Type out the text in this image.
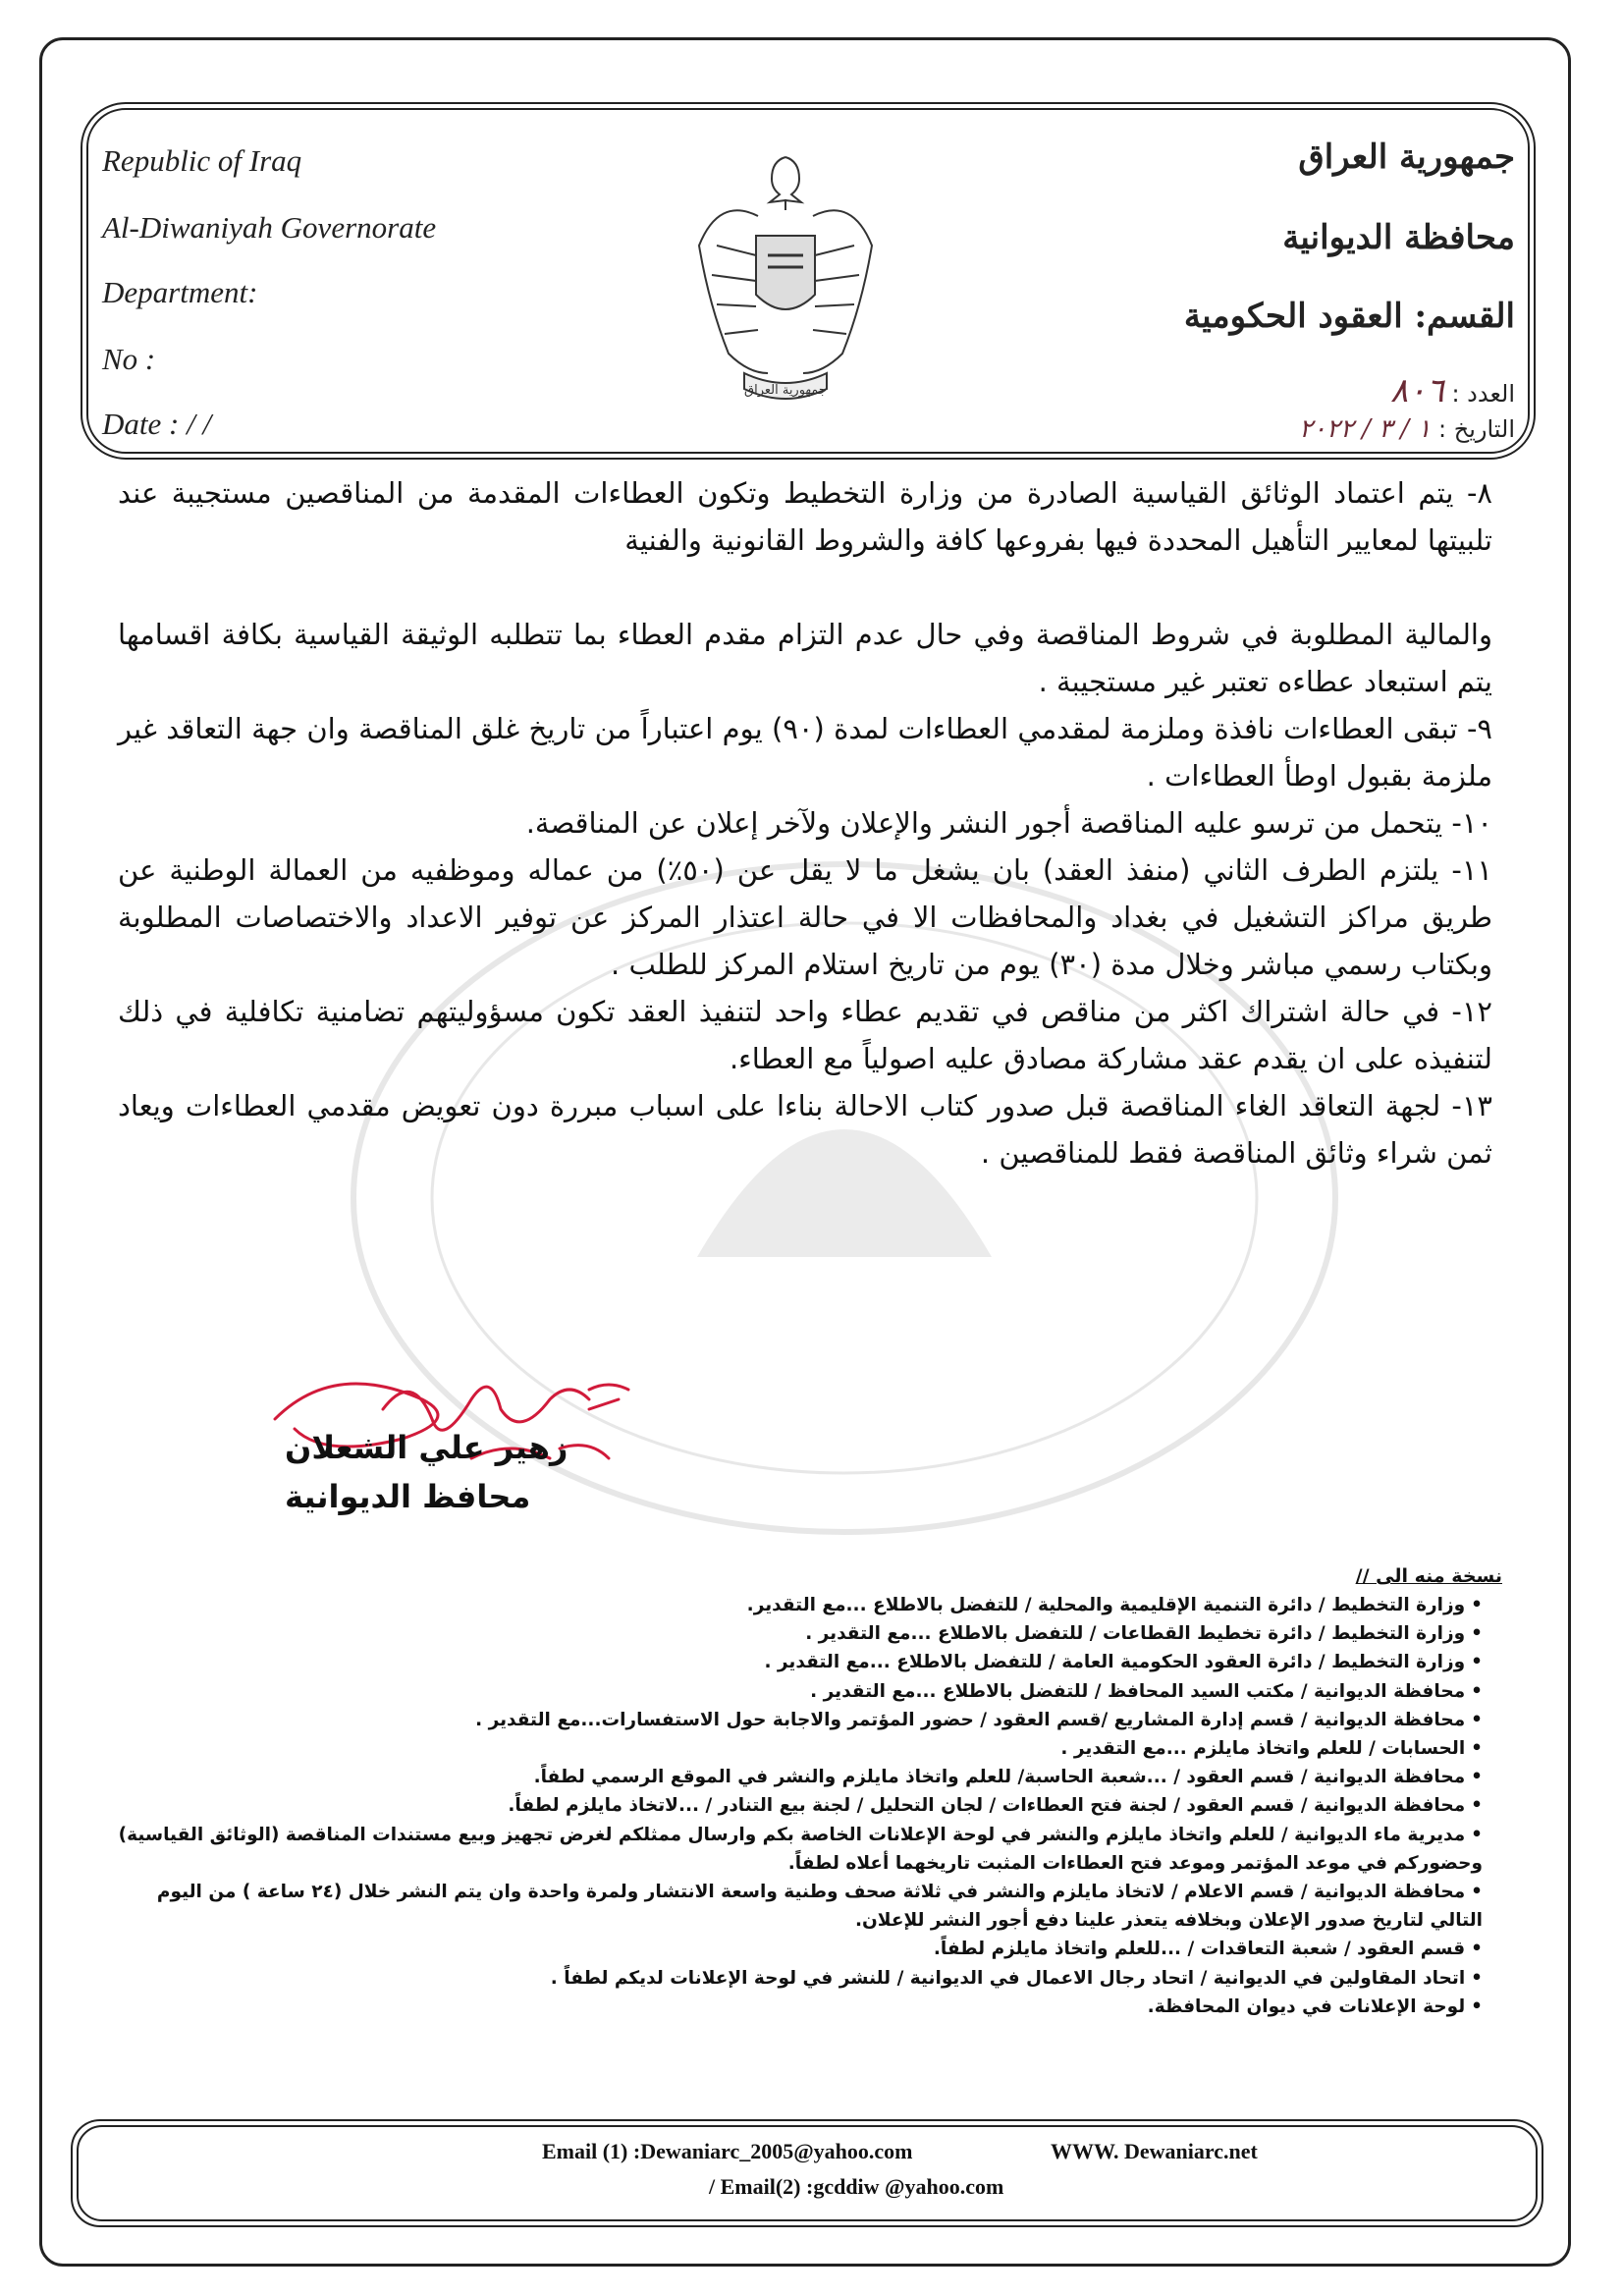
Republic of Iraq
Al-Diwaniyah Governorate
Department:
No :
Date : / /
جمهورية العراق
جمهورية العراق
محافظة الديوانية
القسم: العقود الحكومية
العدد : ٨٠٦
التاريخ : ١ / ٣ / ٢٠٢٢

٨- يتم اعتماد الوثائق القياسية الصادرة من وزارة التخطيط وتكون العطاءات المقدمة من المناقصين مستجيبة عند تلبيتها لمعايير التأهيل المحددة فيها بفروعها كافة والشروط القانونية والفنية

والمالية المطلوبة في شروط المناقصة وفي حال عدم التزام مقدم العطاء بما تتطلبه الوثيقة القياسية بكافة اقسامها يتم استبعاد عطاءه تعتبر غير مستجيبة .

٩- تبقى العطاءات نافذة وملزمة لمقدمي العطاءات لمدة (٩٠) يوم اعتباراً من تاريخ غلق المناقصة وان جهة التعاقد غير ملزمة بقبول اوطأ العطاءات .

١٠- يتحمل من ترسو عليه المناقصة أجور النشر والإعلان ولآخر إعلان عن المناقصة.

١١- يلتزم الطرف الثاني (منفذ العقد) بان يشغل ما لا يقل عن (٥٠٪) من عماله وموظفيه من العمالة الوطنية عن طريق مراكز التشغيل في بغداد والمحافظات الا في حالة اعتذار المركز عن توفير الاعداد والاختصاصات المطلوبة وبكتاب رسمي مباشر وخلال مدة (٣٠) يوم من تاريخ استلام المركز للطلب .

١٢- في حالة اشتراك اكثر من مناقص في تقديم عطاء واحد لتنفيذ العقد تكون مسؤوليتهم تضامنية تكافلية في ذلك لتنفيذه على ان يقدم عقد مشاركة مصادق عليه اصولياً مع العطاء.

١٣- لجهة التعاقد الغاء المناقصة قبل صدور كتاب الاحالة بناءا على اسباب مبررة دون تعويض مقدمي العطاءات ويعاد ثمن شراء وثائق المناقصة فقط للمناقصين .

زهير علي الشعلان
محافظ الديوانية
نسخة منه الى //
•وزارة التخطيط / دائرة التنمية الإقليمية والمحلية / للتفضل بالاطلاع ...مع التقدير.
•وزارة التخطيط / دائرة تخطيط القطاعات / للتفضل بالاطلاع ...مع التقدير .
•وزارة التخطيط / دائرة العقود الحكومية العامة / للتفضل بالاطلاع ...مع التقدير .
•محافظة الديوانية / مكتب السيد المحافظ / للتفضل بالاطلاع ...مع التقدير .
•محافظة الديوانية / قسم إدارة المشاريع /قسم العقود / حضور المؤتمر والاجابة حول الاستفسارات...مع التقدير .
•الحسابات / للعلم واتخاذ مايلزم ...مع التقدير .
•محافظة الديوانية / قسم العقود / ...شعبة الحاسبة/ للعلم واتخاذ مايلزم والنشر في الموقع الرسمي لطفاً.
•محافظة الديوانية / قسم العقود / لجنة فتح العطاءات / لجان التحليل / لجنة بيع التنادر / ...لاتخاذ مايلزم لطفاً.
•مديرية ماء الديوانية / للعلم واتخاذ مايلزم والنشر في لوحة الإعلانات الخاصة بكم وارسال ممثلكم لغرض تجهيز وبيع مستندات المناقصة (الوثائق القياسية) وحضوركم في موعد المؤتمر وموعد فتح العطاءات المثبت تاريخهما أعلاه لطفاً.
•محافظة الديوانية / قسم الاعلام / لاتخاذ مايلزم والنشر في ثلاثة صحف وطنية واسعة الانتشار ولمرة واحدة وان يتم النشر خلال (٢٤ ساعة ) من اليوم التالي لتاريخ صدور الإعلان وبخلافه يتعذر علينا دفع أجور النشر للإعلان.
•قسم العقود / شعبة التعاقدات / ...للعلم واتخاذ مايلزم لطفاً.
•اتحاد المقاولين في الديوانية / اتحاد رجال الاعمال في الديوانية / للنشر في لوحة الإعلانات لديكم لطفاً .
•لوحة الإعلانات في ديوان المحافظة.
Email (1) :Dewaniarc_2005@yahoo.com	WWW. Dewaniarc.net
/ Email(2) :gcddiw @yahoo.com
